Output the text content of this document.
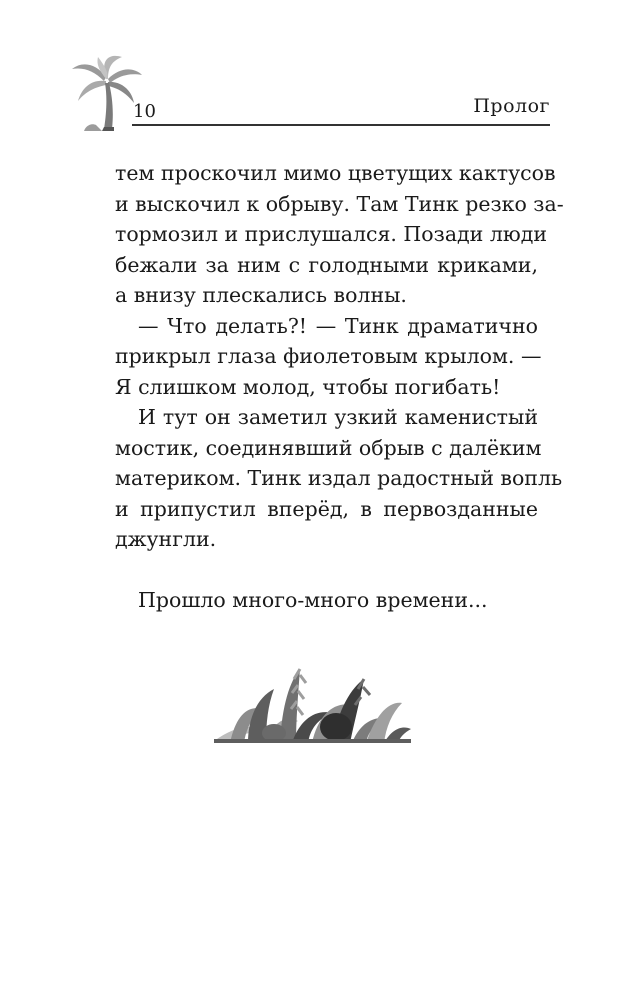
10	Пролог
тем проскочил мимо цветущих кактусов
и выскочил к обрыву. Там Тинк резко за-
тормозил и прислушался. Позади люди
бежали за ним с голодными криками,
а внизу плескались волны.
— Что делать?! — Тинк драматично
прикрыл глаза фиолетовым крылом. —
Я слишком молод, чтобы погибать!
И тут он заметил узкий каменистый
мостик, соединявший обрыв с далёким
материком. Тинк издал радостный вопль
и припустил вперёд, в первозданные
джунгли.
Прошло много-много времени...
